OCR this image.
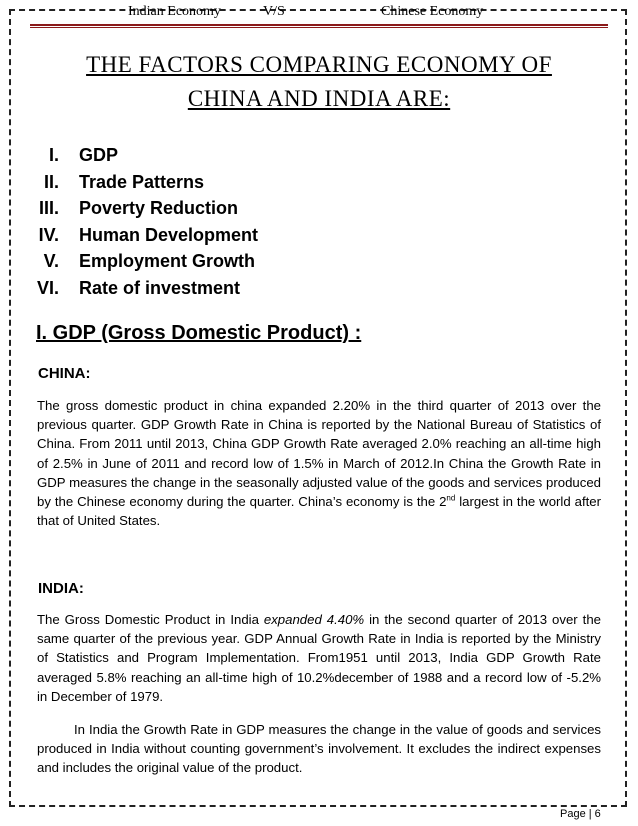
Indian Economy	V/S	Chinese Economy
THE FACTORS COMPARING ECONOMY OF
CHINA AND INDIA ARE:
I. GDP
II. Trade Patterns
III. Poverty Reduction
IV. Human Development
V. Employment Growth
VI. Rate of investment
I. GDP (Gross Domestic Product) :
CHINA:

The gross domestic product in china expanded 2.20% in the third quarter of 2013 over the previous quarter. GDP Growth Rate in China is reported by the National Bureau of Statistics of China. From 2011 until 2013, China GDP Growth Rate averaged 2.0% reaching an all-time high of 2.5% in June of 2011 and record low of 1.5% in March of 2012.In China the Growth Rate in GDP measures the change in the seasonally adjusted value of the goods and services produced by the Chinese economy during the quarter. China’s economy is the 2nd largest in the world after that of United States.

INDIA:

The Gross Domestic Product in India expanded 4.40% in the second quarter of 2013 over the same quarter of the previous year. GDP Annual Growth Rate in India is reported by the Ministry of Statistics and Program Implementation. From1951 until 2013, India GDP Growth Rate averaged 5.8% reaching an all-time high of 10.2%december of 1988 and a record low of -5.2% in December of 1979.

In India the Growth Rate in GDP measures the change in the value of goods and services produced in India without counting government’s involvement. It excludes the indirect expenses and includes the original value of the product.

Page | 6
